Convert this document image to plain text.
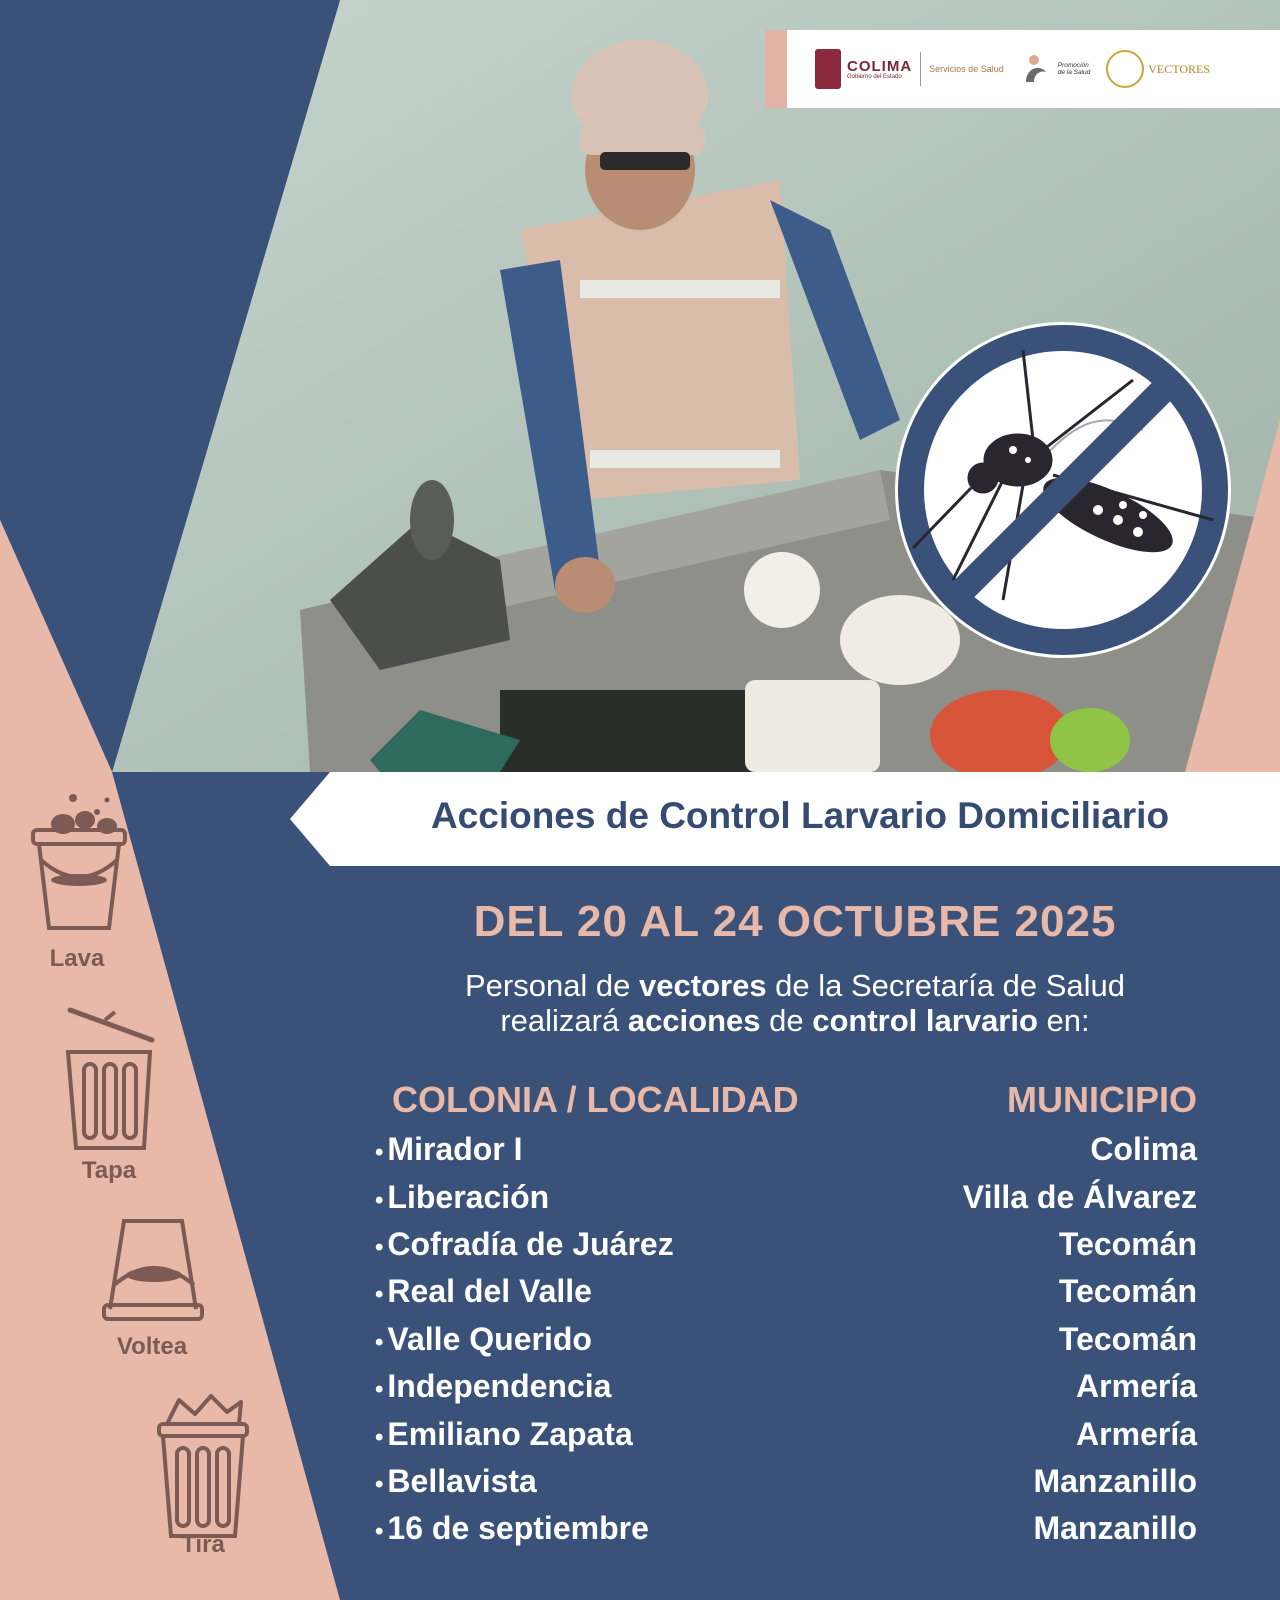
COLIMA
Gobierno del Estado
Servicios de Salud	Promoción
de la Salud	VECTORES
Acciones de Control Larvario Domiciliario
DEL 20 AL 24 OCTUBRE 2025
Personal de vectores de la Secretaría de Salud
realizará acciones de control larvario en:
COLONIA / LOCALIDAD	MUNICIPIO
• Mirador I	Colima
• Liberación	Villa de Álvarez
• Cofradía de Juárez	Tecomán
• Real del Valle	Tecomán
• Valle Querido	Tecomán
• Independencia	Armería
• Emiliano Zapata	Armería
• Bellavista	Manzanillo
• 16 de septiembre	Manzanillo
Lava
Tapa
Voltea
Tira
